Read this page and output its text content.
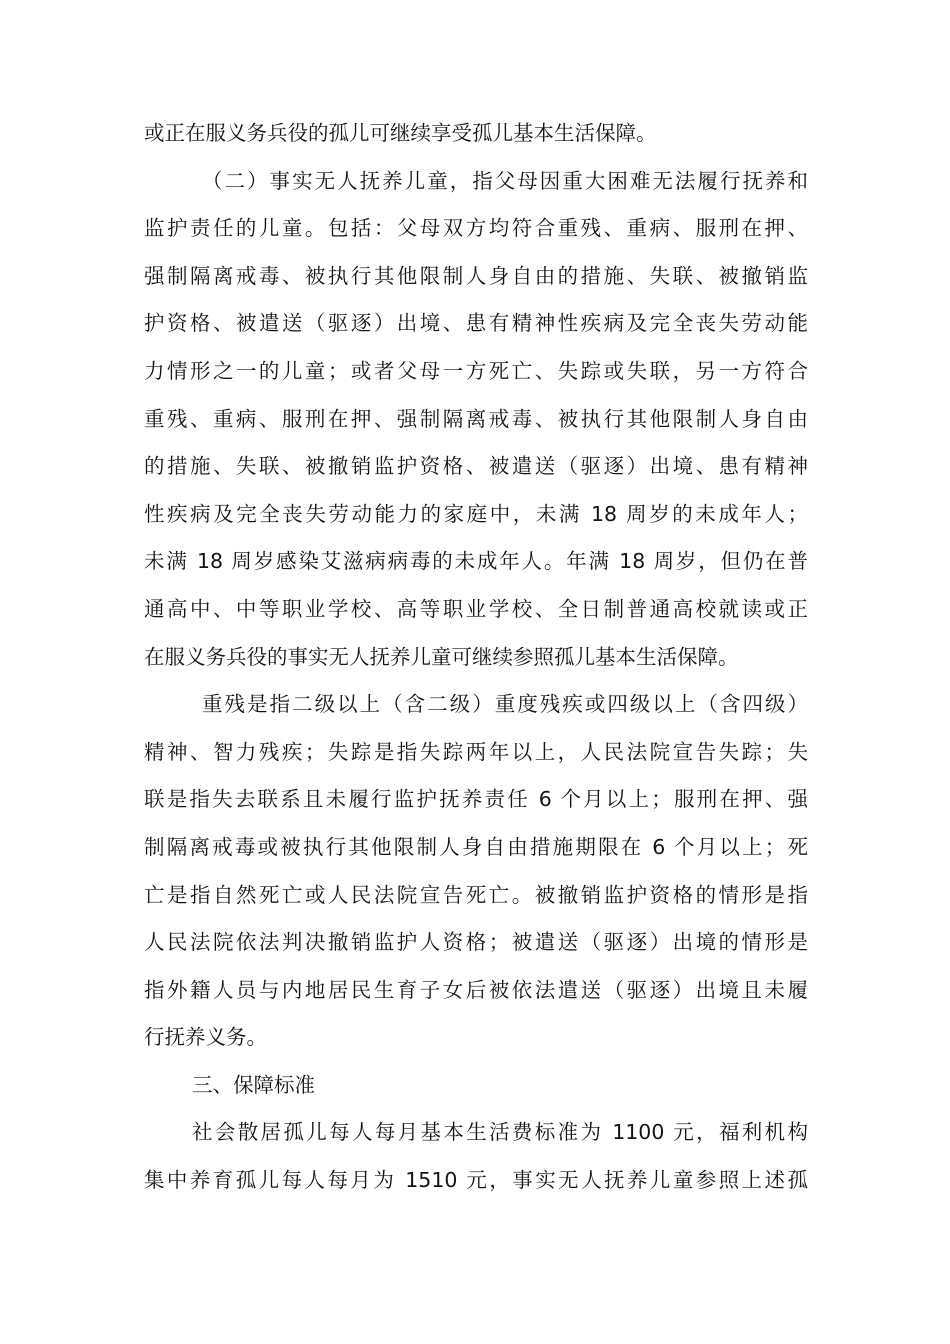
或正在服义务兵役的孤儿可继续享受孤儿基本生活保障。
（二）事实无人抚养儿童，指父母因重大困难无法履行抚养和
监护责任的儿童。包括：父母双方均符合重残、重病、服刑在押、
强制隔离戒毒、被执行其他限制人身自由的措施、失联、被撤销监
护资格、被遣送（驱逐）出境、患有精神性疾病及完全丧失劳动能
力情形之一的儿童；或者父母一方死亡、失踪或失联，另一方符合
重残、重病、服刑在押、强制隔离戒毒、被执行其他限制人身自由
的措施、失联、被撤销监护资格、被遣送（驱逐）出境、患有精神
性疾病及完全丧失劳动能力的家庭中，未满 18 周岁的未成年人；
未满 18 周岁感染艾滋病病毒的未成年人。年满 18 周岁，但仍在普
通高中、中等职业学校、高等职业学校、全日制普通高校就读或正
在服义务兵役的事实无人抚养儿童可继续参照孤儿基本生活保障。
重残是指二级以上（含二级）重度残疾或四级以上（含四级）
精神、智力残疾；失踪是指失踪两年以上，人民法院宣告失踪；失
联是指失去联系且未履行监护抚养责任 6 个月以上；服刑在押、强
制隔离戒毒或被执行其他限制人身自由措施期限在 6 个月以上；死
亡是指自然死亡或人民法院宣告死亡。被撤销监护资格的情形是指
人民法院依法判决撤销监护人资格；被遣送（驱逐）出境的情形是
指外籍人员与内地居民生育子女后被依法遣送（驱逐）出境且未履
行抚养义务。
三、保障标准
社会散居孤儿每人每月基本生活费标准为 1100 元，福利机构
集中养育孤儿每人每月为 1510 元，事实无人抚养儿童参照上述孤
